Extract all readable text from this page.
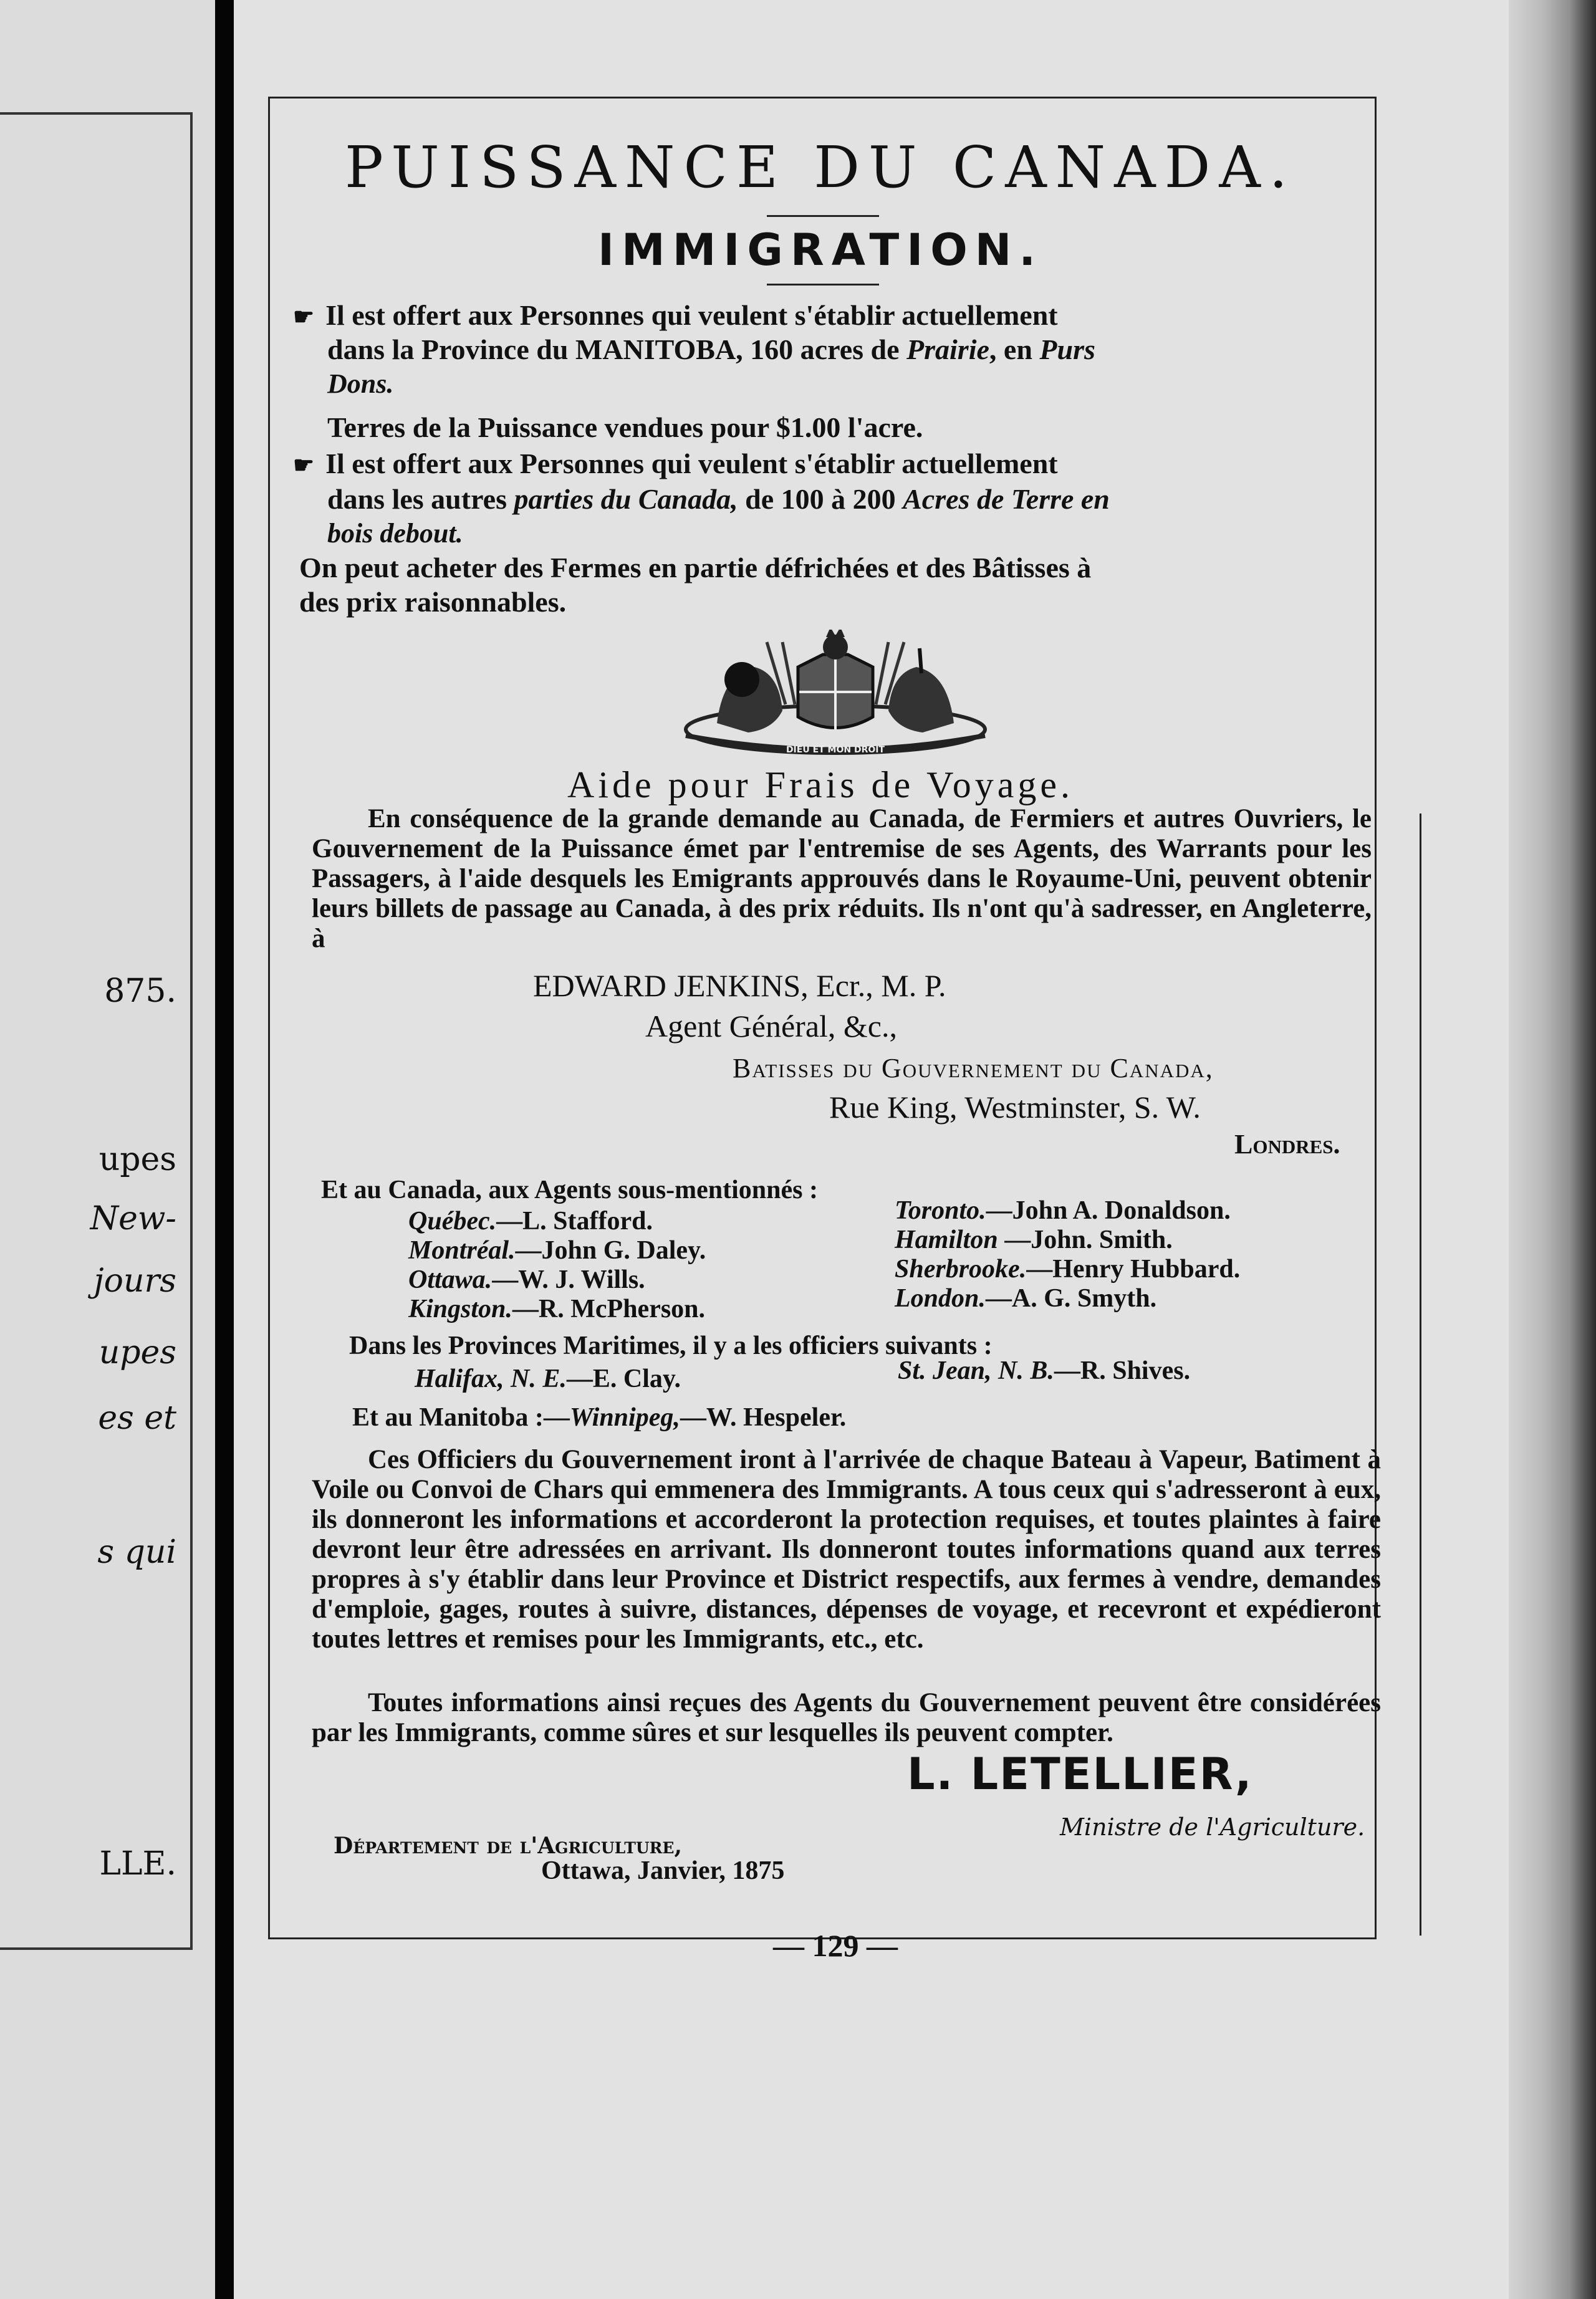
875.
upes
New-
jours
upes
es et
s qui
LLE.
PUISSANCE DU CANADA.
IMMIGRATION.
☛ Il est offert aux Personnes qui veulent s'établir actuellement
dans la Province du MANITOBA, 160 acres de Prairie, en Purs
Dons.
Terres de la Puissance vendues pour $1.00 l'acre.
☛ Il est offert aux Personnes qui veulent s'établir actuellement
dans les autres parties du Canada, de 100 à 200 Acres de Terre en
bois debout.
On peut acheter des Fermes en partie défrichées et des Bâtisses à
des prix raisonnables.
DIEU ET MON DROIT
Aide pour Frais de Voyage.
En conséquence de la grande demande au Canada, de Fermiers et autres Ouvriers, le Gouvernement de la Puissance émet par l'entremise de ses Agents, des Warrants pour les Passagers, à l'aide desquels les Emigrants approuvés dans le Royaume-Uni, peuvent obtenir leurs billets de passage au Canada, à des prix réduits. Ils n'ont qu'à sadresser, en Angleterre, à
EDWARD JENKINS, Ecr., M. P.
Agent Général, &c.,
Batisses du Gouvernement du Canada,
Rue King, Westminster, S. W.
Londres.
Et au Canada, aux Agents sous-mentionnés :
Québec.—L. Stafford.
Montréal.—John G. Daley.
Ottawa.—W. J. Wills.
Kingston.—R. McPherson.
Toronto.—John A. Donaldson.
Hamilton —John. Smith.
Sherbrooke.—Henry Hubbard.
London.—A. G. Smyth.
Dans les Provinces Maritimes, il y a les officiers suivants :
Halifax, N. E.—E. Clay.	St. Jean, N. B.—R. Shives.
Et au Manitoba :—Winnipeg,—W. Hespeler.
Ces Officiers du Gouvernement iront à l'arrivée de chaque Bateau à Vapeur, Batiment à Voile ou Convoi de Chars qui emmenera des Immigrants. A tous ceux qui s'adresseront à eux, ils donneront les informations et accorderont la protection requises, et toutes plaintes à faire devront leur être adressées en arrivant. Ils donneront toutes informations quand aux terres propres à s'y établir dans leur Province et District respectifs, aux fermes à vendre, demandes d'emploie, gages, routes à suivre, distances, dépenses de voyage, et recevront et expédieront toutes lettres et remises pour les Immigrants, etc., etc.
Toutes informations ainsi reçues des Agents du Gouvernement peuvent être considérées par les Immigrants, comme sûres et sur lesquelles ils peuvent compter.
L. LETELLIER,
Ministre de l'Agriculture.
Département de l'Agriculture,
Ottawa, Janvier, 1875
— 129 —
